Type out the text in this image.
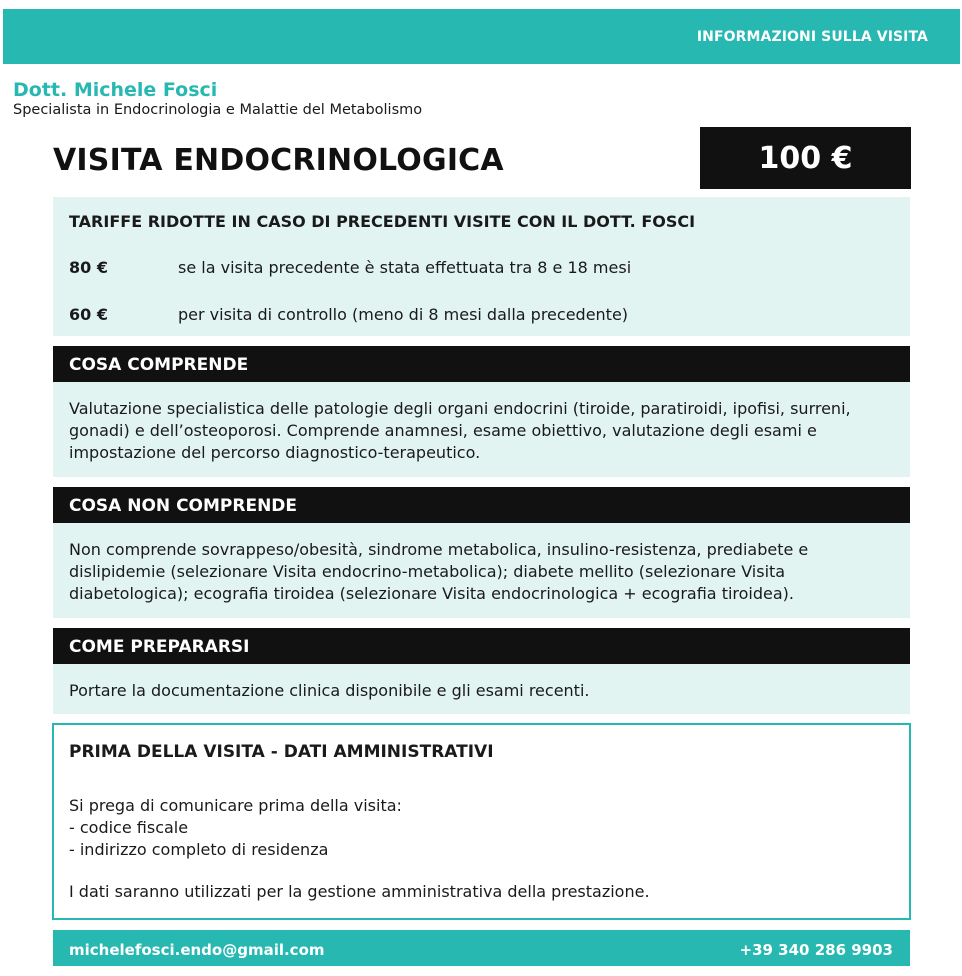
INFORMAZIONI SULLA VISITA
Dott. Michele Fosci
Specialista in Endocrinologia e Malattie del Metabolismo
VISITA ENDOCRINOLOGICA	100 €
TARIFFE RIDOTTE IN CASO DI PRECEDENTI VISITE CON IL DOTT. FOSCI
80 €	se la visita precedente è stata effettuata tra 8 e 18 mesi
60 €	per visita di controllo (meno di 8 mesi dalla precedente)
COSA COMPRENDE
Valutazione specialistica delle patologie degli organi endocrini (tiroide, paratiroidi, ipofisi, surreni, gonadi) e dell’osteoporosi. Comprende anamnesi, esame obiettivo, valutazione degli esami e impostazione del percorso diagnostico-terapeutico.
COSA NON COMPRENDE
Non comprende sovrappeso/obesità, sindrome metabolica, insulino-resistenza, prediabete e dislipidemie (selezionare Visita endocrino-metabolica); diabete mellito (selezionare Visita diabetologica); ecografia tiroidea (selezionare Visita endocrinologica + ecografia tiroidea).
COME PREPARARSI
Portare la documentazione clinica disponibile e gli esami recenti.
PRIMA DELLA VISITA - DATI AMMINISTRATIVI
Si prega di comunicare prima della visita:
- codice fiscale
- indirizzo completo di residenza
I dati saranno utilizzati per la gestione amministrativa della prestazione.
michelefosci.endo@gmail.com	+39 340 286 9903
